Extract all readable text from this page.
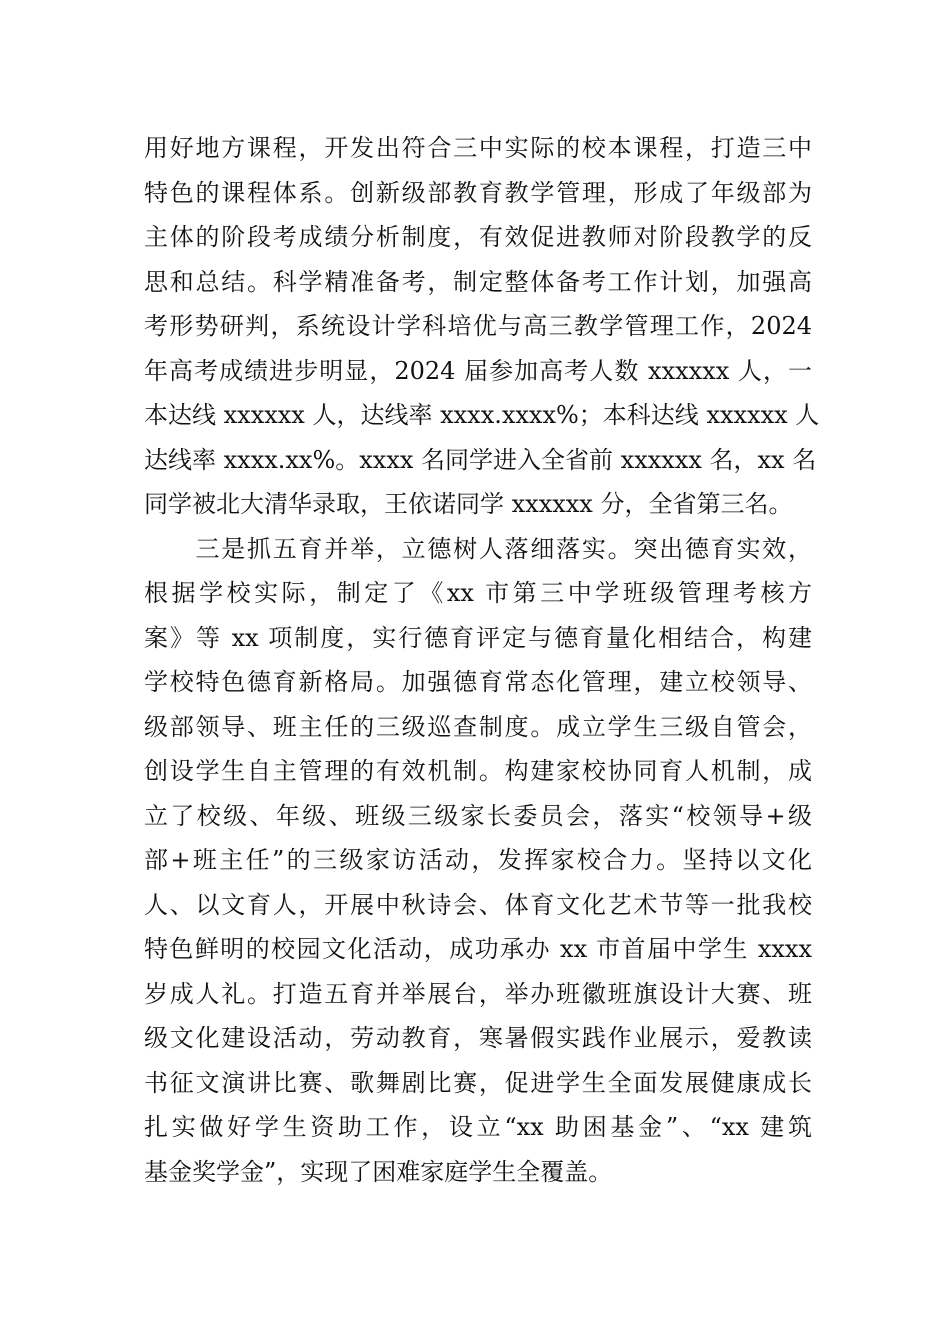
用好地方课程，开发出符合三中实际的校本课程，打造三中
特色的课程体系。创新级部教育教学管理，形成了年级部为
主体的阶段考成绩分析制度，有效促进教师对阶段教学的反
思和总结。科学精准备考，制定整体备考工作计划，加强高
考形势研判，系统设计学科培优与高三教学管理工作，2024
年高考成绩进步明显，2024 届参加高考人数 xxxxxx 人，一
本达线 xxxxxx 人，达线率 xxxx.xxxx%；本科达线 xxxxxx 人
达线率 xxxx.xx%。xxxx 名同学进入全省前 xxxxxx 名，xx 名
同学被北大清华录取，王依诺同学 xxxxxx 分，全省第三名。
　　三是抓五育并举，立德树人落细落实。突出德育实效，
根据学校实际，制定了《xx 市第三中学班级管理考核方
案》等 xx 项制度，实行德育评定与德育量化相结合，构建
学校特色德育新格局。加强德育常态化管理，建立校领导、
级部领导、班主任的三级巡查制度。成立学生三级自管会，
创设学生自主管理的有效机制。构建家校协同育人机制，成
立了校级、年级、班级三级家长委员会，落实“校领导+级
部+班主任”的三级家访活动，发挥家校合力。坚持以文化
人、以文育人，开展中秋诗会、体育文化艺术节等一批我校
特色鲜明的校园文化活动，成功承办 xx 市首届中学生 xxxx
岁成人礼。打造五育并举展台，举办班徽班旗设计大赛、班
级文化建设活动，劳动教育，寒暑假实践作业展示，爱教读
书征文演讲比赛、歌舞剧比赛，促进学生全面发展健康成长
扎实做好学生资助工作，设立“xx 助困基金”、“xx 建筑
基金奖学金”，实现了困难家庭学生全覆盖。
